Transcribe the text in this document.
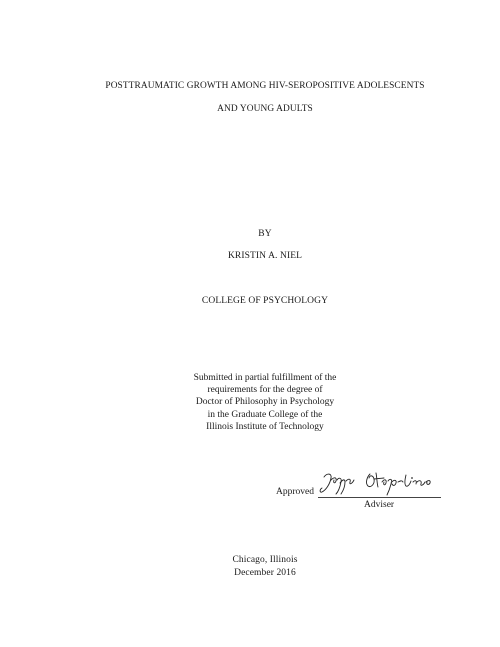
POSTTRAUMATIC GROWTH AMONG HIV-SEROPOSITIVE ADOLESCENTS
AND YOUNG ADULTS
BY
KRISTIN A. NIEL
COLLEGE OF PSYCHOLOGY
Submitted in partial fulfillment of the
requirements for the degree of
Doctor of Philosophy in Psychology
in the Graduate College of the
Illinois Institute of Technology
Approved
Adviser
Chicago, Illinois
December 2016
